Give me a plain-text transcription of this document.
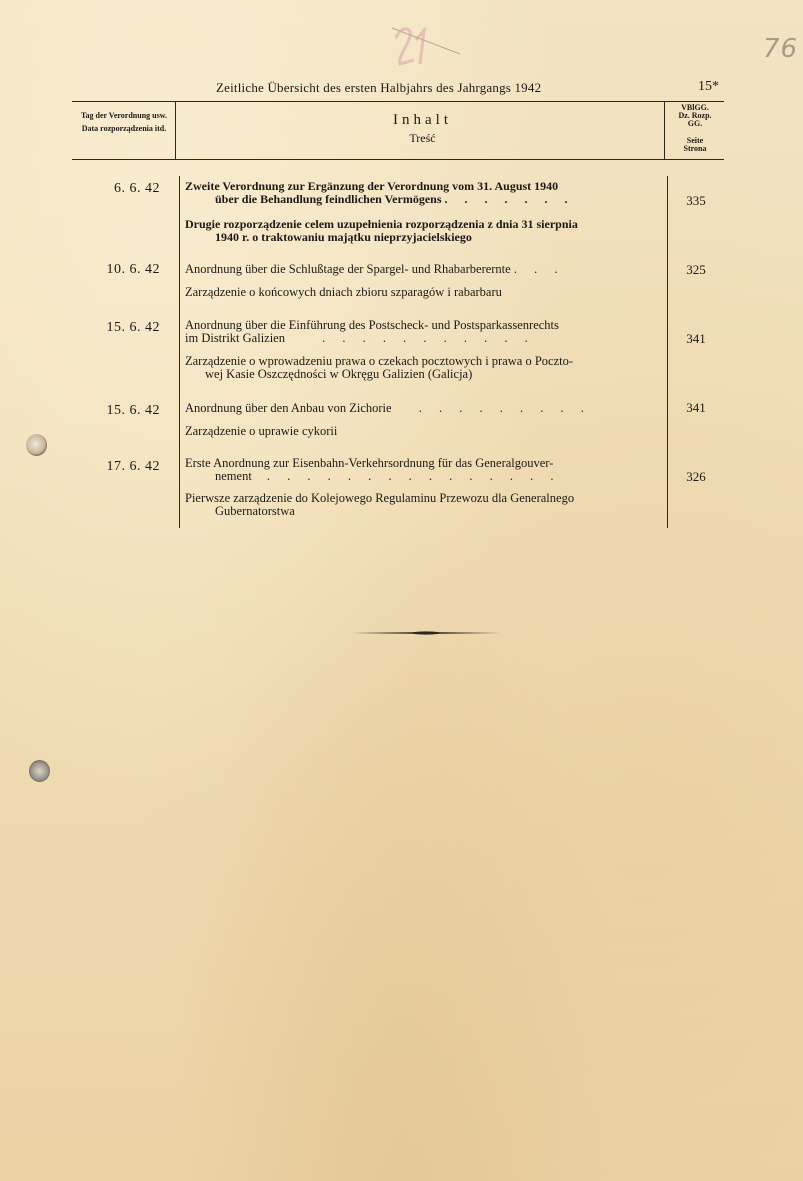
76
Zeitliche Übersicht des ersten Halbjahrs des Jahrgangs 1942	15*
Tag der Verordnung usw.
Data rozporządzenia itd.
Inhalt
Treść
VBlGG.
Dz. Rozp.
GG.
Seite
Strona
6. 6. 42 Zweite Verordnung zur Ergänzung der Verordnung vom 31. August 1940
über die Behandlung feindlichen Vermögens . . . . . . .
Drugie rozporządzenie celem uzupełnienia rozporządzenia z dnia 31 sierpnia
1940 r. o traktowaniu majątku nieprzyjacielskiego
335
10. 6. 42 Anordnung über die Schlußtage der Spargel- und Rhabarberernte . . .
Zarządzenie o końcowych dniach zbioru szparagów i rabarbaru
325
15. 6. 42 Anordnung über die Einführung des Postscheck- und Postsparkassenrechts
im Distrikt Galizien	. . . . . . . . . . .
Zarządzenie o wprowadzeniu prawa o czekach pocztowych i prawa o Poczto-
wej Kasie Oszczędności w Okręgu Galizien (Galicja)
341
15. 6. 42 Anordnung über den Anbau von Zichorie . . . . . . . . .
Zarządzenie o uprawie cykorii
341
17. 6. 42 Erste Anordnung zur Eisenbahn-Verkehrsordnung für das Generalgouver-
nement . . . . . . . . . . . . . . .
Pierwsze zarządzenie do Kolejowego Regulaminu Przewozu dla Generalnego
Gubernatorstwa
326
